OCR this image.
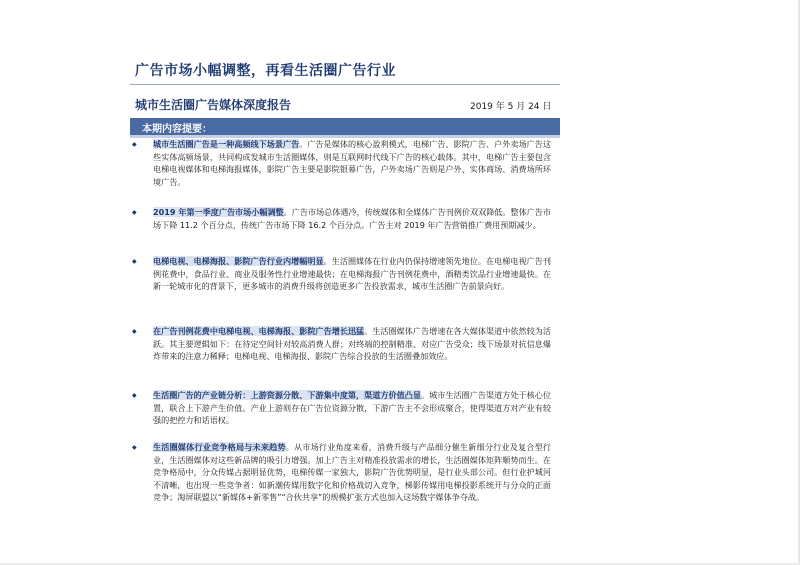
广告市场小幅调整，再看生活圈广告行业
城市生活圈广告媒体深度报告	2019 年 5 月 24 日
本期内容提要：
◆ 城市生活圈广告是一种高频线下场景广告。广告是媒体的核心盈利模式，电梯广告、影院广告、户外卖场广告这些实体高频场景，共同构成发城市生活圈媒体，则是互联网时代线下广告的核心载体。其中，电梯广告主要包含电梯电视媒体和电梯海报媒体，影院广告主要是影院银幕广告，户外卖场广告则是户外、实体商场、消费场所环境广告。
◆ 2019 年第一季度广告市场小幅调整。广告市场总体遇冷，传统媒体和全媒体广告刊例价双双降低。整体广告市场下降 11.2 个百分点，传统广告市场下降 16.2 个百分点。广告主对 2019 年广告营销推广费用预期减少。
◆ 电梯电视、电梯海报、影院广告行业内增幅明显。生活圈媒体在行业内仍保持增速领先地位。在电梯电视广告刊例花费中，食品行业、商业及服务性行业增速最快；在电梯海报广告刊例花费中，酒精类饮品行业增速最快。在新一轮城市化的背景下，更多城市的消费升级将创造更多广告投放需求，城市生活圈广告前景向好。
◆ 在广告刊例花费中电梯电视、电梯海报、影院广告增长迅猛。生活圈媒体广告增速在各大媒体渠道中依然较为活跃。其主要逻辑如下：在待定空间针对较高消费人群；对终端的控制精准、对应广告受众；线下场景对抗信息爆炸带来的注意力稀释；电梯电视、电梯海报、影院广告综合投放的生活圈叠加效应。
◆ 生活圈广告的产业链分析：上游资源分散、下游集中度第，渠道方价值凸显。城市生活圈广告渠道方处于核心位置，联合上下游产生价值。产业上游则存在广告位资源分散，下游广告主不会形成聚合，使得渠道方对产业有较强的把控力和话语权。
◆ 生活圈媒体行业竞争格局与未来趋势。从市场行业角度来看，消费升级与产品细分催生新细分行业及复合型行业，生活圈媒体对这些新品牌的吸引力增强。加上广告主对精准投放需求的增长，生活圈媒体矩阵顺势而生。在竞争格局中，分众传媒占据明显优势，电梯传媒一家独大，影院广告优势明显，是行业头部公司。但行业护城河不清晰，也出现一些竞争者：如新潮传媒用数字化和价格战切入竞争，梯影传媒用电梯投影系统开与分众的正面竞争；淘屏联盟以“新媒体+新零售”“合伙共享”的规模扩张方式也加入这场数字媒体争夺战。
